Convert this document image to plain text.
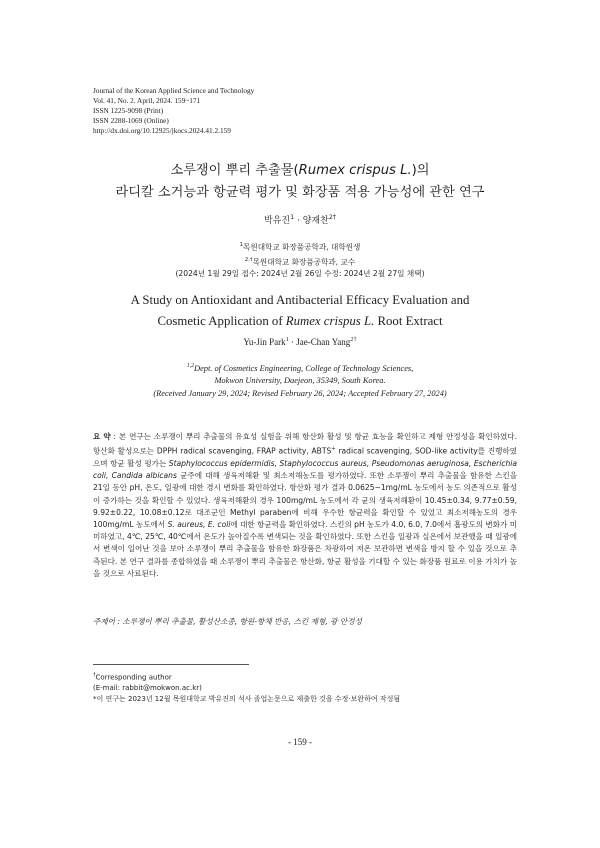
Journal of the Korean Applied Science and Technology
Vol. 41, No. 2. April, 2024. 159~171
ISSN 1225-9098 (Print)
ISSN 2288-1069 (Online)
http://dx.doi.org/10.12925/jkocs.2024.41.2.159
소루쟁이 뿌리 추출물(Rumex crispus L.)의
라디칼 소거능과 항균력 평가 및 화장품 적용 가능성에 관한 연구
박유진$^1$ · 양재찬$^{2\dagger}$
$^1$목원대학교 화장품공학과, 대학원생
$^{2,\dagger}$목원대학교 화장품공학과, 교수
(2024년 1월 29일 접수: 2024년 2월 26일 수정: 2024년 2월 27일 채택)
A Study on Antioxidant and Antibacterial Efficacy Evaluation and
Cosmetic Application of Rumex crispus L. Root Extract
Yu-Jin Park$^1$ · Jae-Chan Yang$^{2\dagger}$
$^{1,2}$Dept. of Cosmetics Engineering, College of Technology Sciences,
Mokwon University, Daejeon, 35349, South Korea.
(Received January 29, 2024; Revised February 26, 2024; Accepted February 27, 2024)
요 약 : 본 연구는 소루쟁이 뿌리 추출물의 유효성 실험을 위해 항산화 활성 및 항균 효능을 확인하고 제형 안정성을 확인하였다. 항산화 활성으로는 DPPH radical scavenging, FRAP activity, ABTS+ radical scavenging, SOD-like activity를 진행하였으며 항균 활성 평가는 Staphylococcus epidermidis, Staphylococcus aureus, Pseudomonas aeruginosa, Escherichia coli, Candida albicans 균주에 대해 생육저해환 및 최소저해농도를 평가하였다. 또한 소루쟁이 뿌리 추출물을 함유한 스킨을 21일 동안 pH, 온도, 일광에 대한 경시 변화를 확인하였다. 항산화 평가 결과 0.0625~1mg/mL 농도에서 농도 의존적으로 활성이 증가하는 것을 확인할 수 있었다. 생육저해환의 경우 100mg/mL 농도에서 각 균의 생육저해환이 10.45±0.34, 9.77±0.59, 9.92±0.22, 10.08±0.12로 대조군인 Methyl paraben에 비해 우수한 항균력을 확인할 수 있었고 최소저해농도의 경우 100mg/mL 농도에서 S. aureus, E. coli에 대한 항균력을 확인하였다. 스킨의 pH 농도가 4.0, 6.0, 7.0에서 흡광도의 변화가 미미하였고, 4℃, 25℃, 40℃에서 온도가 높아질수록 변색되는 것을 확인하였다. 또한 스킨을 일광과 실온에서 보관했을 때 일광에서 변색이 일어난 것을 보아 소루쟁이 뿌리 추출물을 함유한 화장품은 차광하여 저온 보관하면 변색을 방지 할 수 있을 것으로 추측된다. 본 연구 결과를 종합하였을 때 소루쟁이 뿌리 추출물은 항산화, 항균 활성을 기대할 수 있는 화장품 원료로 이용 가치가 높을 것으로 사료된다.
주제어 : 소루쟁이 뿌리 추출물, 활성산소종, 항원-항체 반응, 스킨 제형, 광 안정성
†Corresponding author
(E-mail: rabbit@mokwon.ac.kr)
*이 연구는 2023년 12월 목원대학교 박유진의 석사 졸업논문으로 제출한 것을 수정·보완하여 작성됨
- 159 -
